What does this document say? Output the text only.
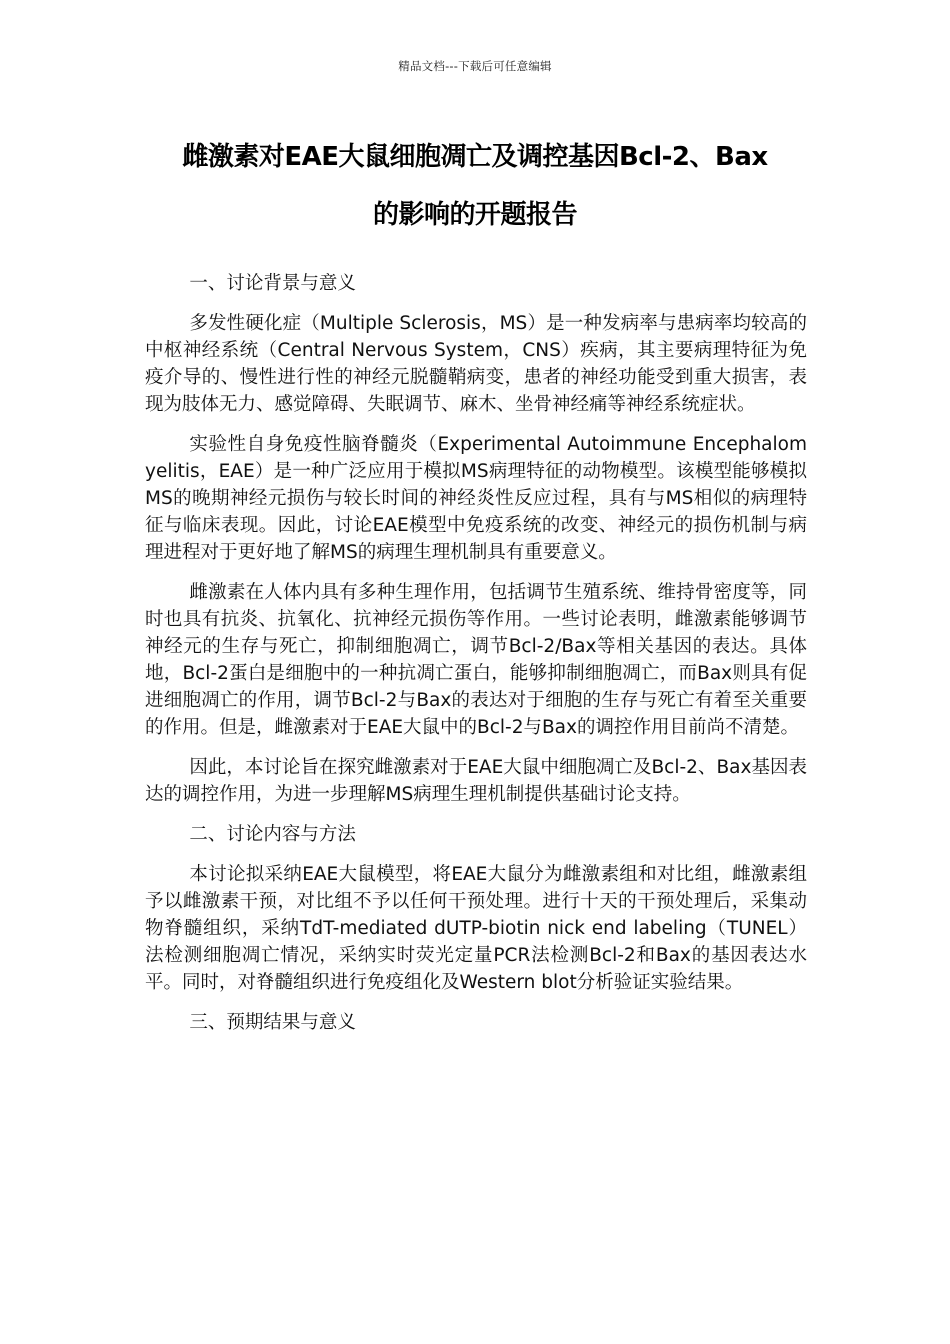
精品文档---下载后可任意编辑
雌激素对EAE大鼠细胞凋亡及调控基因Bcl-2、Bax
的影响的开题报告

一、讨论背景与意义

多发性硬化症（Multiple Sclerosis，MS）是一种发病率与患病率均较高的中枢神经系统（Central Nervous System，CNS）疾病，其主要病理特征为免疫介导的、慢性进行性的神经元脱髓鞘病变，患者的神经功能受到重大损害，表现为肢体无力、感觉障碍、失眠调节、麻木、坐骨神经痛等神经系统症状。

实验性自身免疫性脑脊髓炎（Experimental Autoimmune Encephalomyelitis，EAE）是一种广泛应用于模拟MS病理特征的动物模型。该模型能够模拟MS的晚期神经元损伤与较长时间的神经炎性反应过程，具有与MS相似的病理特征与临床表现。因此，讨论EAE模型中免疫系统的改变、神经元的损伤机制与病理进程对于更好地了解MS的病理生理机制具有重要意义。

雌激素在人体内具有多种生理作用，包括调节生殖系统、维持骨密度等，同时也具有抗炎、抗氧化、抗神经元损伤等作用。一些讨论表明，雌激素能够调节神经元的生存与死亡，抑制细胞凋亡，调节Bcl-2/Bax等相关基因的表达。具体地，Bcl-2蛋白是细胞中的一种抗凋亡蛋白，能够抑制细胞凋亡，而Bax则具有促进细胞凋亡的作用，调节Bcl-2与Bax的表达对于细胞的生存与死亡有着至关重要的作用。但是，雌激素对于EAE大鼠中的Bcl-2与Bax的调控作用目前尚不清楚。

因此，本讨论旨在探究雌激素对于EAE大鼠中细胞凋亡及Bcl-2、Bax基因表达的调控作用，为进一步理解MS病理生理机制提供基础讨论支持。

二、讨论内容与方法

本讨论拟采纳EAE大鼠模型，将EAE大鼠分为雌激素组和对比组，雌激素组予以雌激素干预，对比组不予以任何干预处理。进行十天的干预处理后，采集动物脊髓组织，采纳TdT-mediated dUTP-biotin nick end labeling（TUNEL）法检测细胞凋亡情况，采纳实时荧光定量PCR法检测Bcl-2和Bax的基因表达水平。同时，对脊髓组织进行免疫组化及Western blot分析验证实验结果。

三、预期结果与意义
